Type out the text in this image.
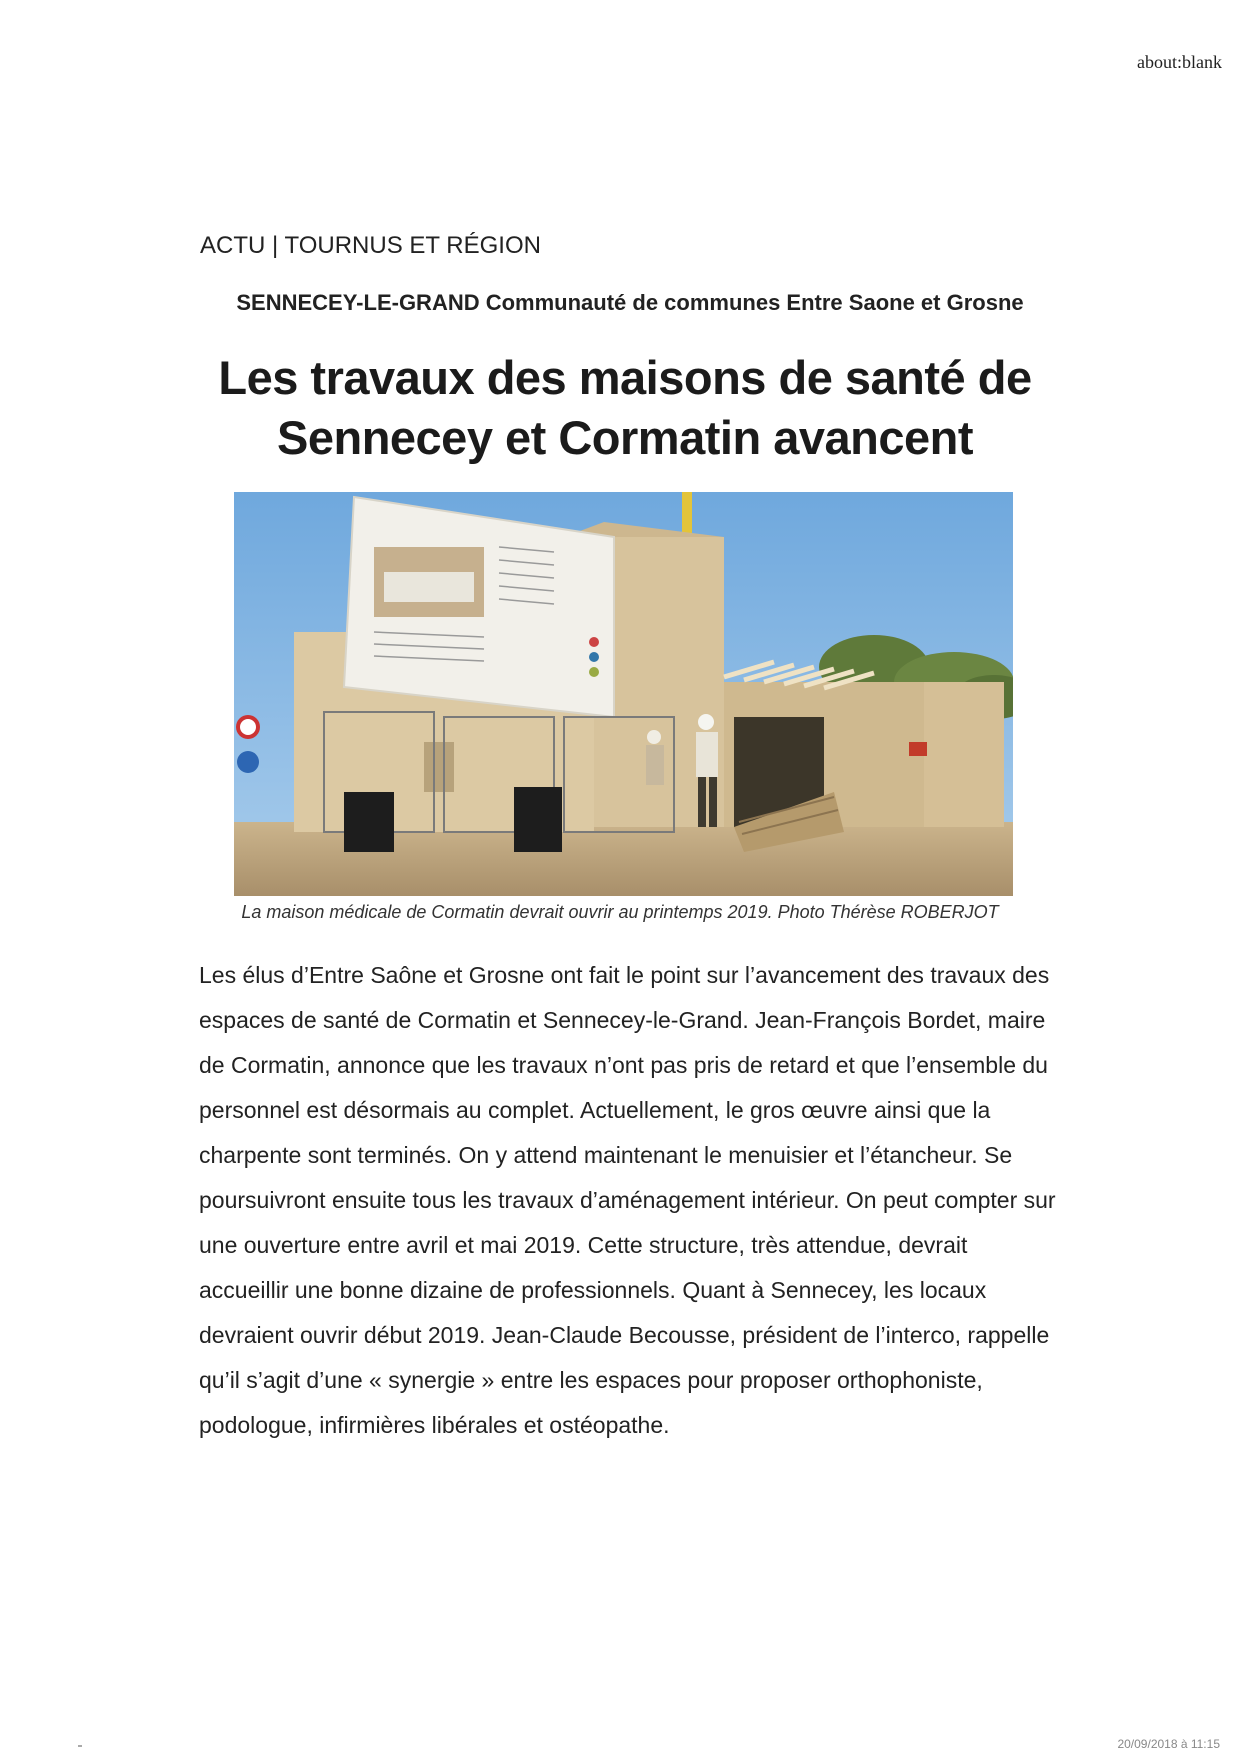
about:blank
ACTU | TOURNUS ET RÉGION
SENNECEY-LE-GRAND Communauté de communes Entre Saone et Grosne
Les travaux des maisons de santé de Sennecey et Cormatin avancent
La maison médicale de Cormatin devrait ouvrir au printemps 2019. Photo Thérèse ROBERJOT

Les élus d’Entre Saône et Grosne ont fait le point sur l’avancement des travaux des espaces de santé de Cormatin et Sennecey-le-Grand. Jean-François Bordet, maire de Cormatin, annonce que les travaux n’ont pas pris de retard et que l’ensemble du personnel est désormais au complet. Actuellement, le gros œuvre ainsi que la charpente sont terminés. On y attend maintenant le menuisier et l’étancheur. Se poursuivront ensuite tous les travaux d’aménagement intérieur. On peut compter sur une ouverture entre avril et mai 2019. Cette structure, très attendue, devrait accueillir une bonne dizaine de professionnels. Quant à Sennecey, les locaux devraient ouvrir début 2019. Jean-Claude Becousse, président de l’interco, rappelle qu’il s’agit d’une « synergie » entre les espaces pour proposer orthophoniste, podologue, infirmières libérales et ostéopathe.

20/09/2018 à 11:15
